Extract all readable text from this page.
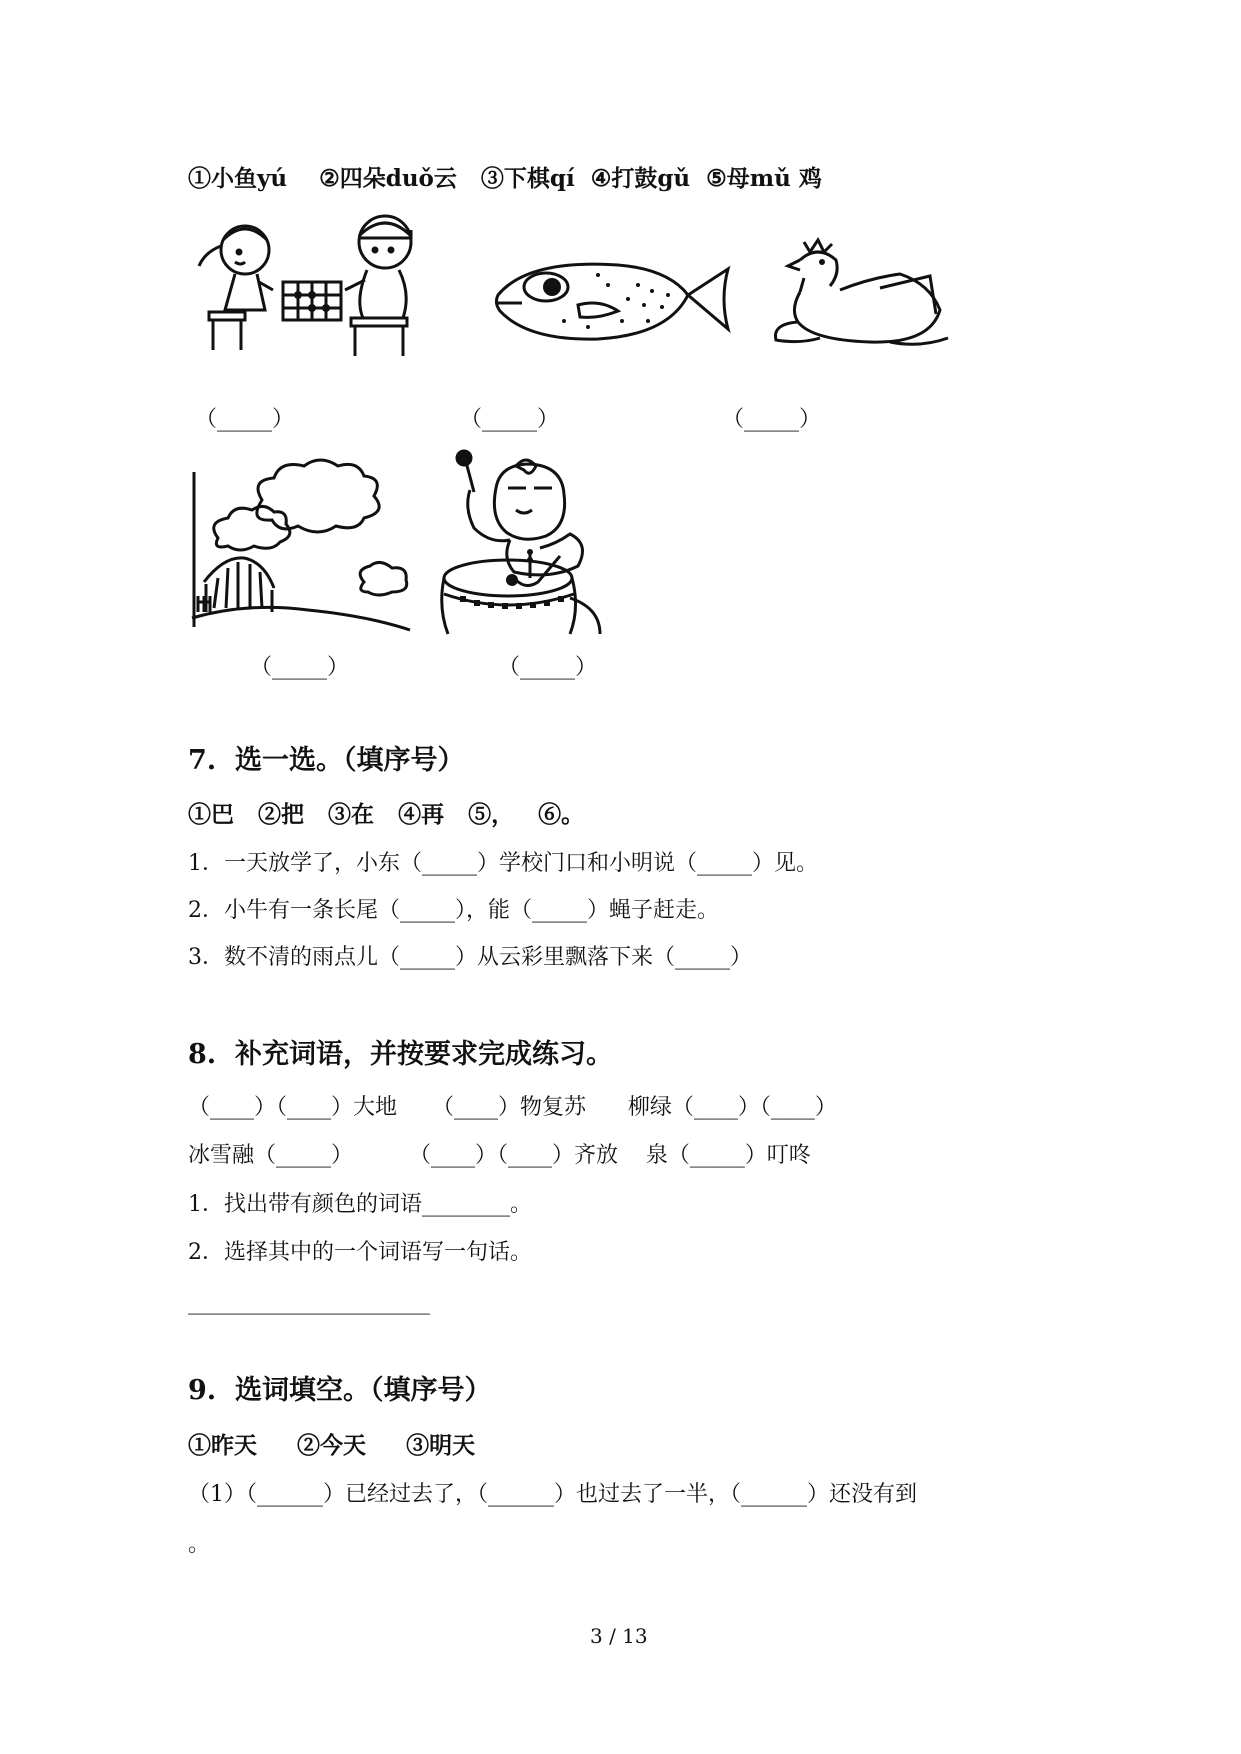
①小鱼yú    ②四朵duǒ云   ③下棋qí  ④打鼓gǔ  ⑤母mǔ 鸡
（_____）	（_____）	（_____）
（_____）	（_____）
7.  选一选。（填序号）
①巴   ②把   ③在   ④再   ⑤，   ⑥。
1．一天放学了，小东（_____）学校门口和小明说（_____）见。
2．小牛有一条长尾（_____），能（_____）蝇子赶走。
3．数不清的雨点儿（_____）从云彩里飘落下来（_____）
8.  补充词语，并按要求完成练习。
（____）（____）大地     （____）物复苏      柳绿（____）（____）
冰雪融（_____）        （____）（____）齐放    泉（_____）叮咚
1．找出带有颜色的词语________。
2．选择其中的一个词语写一句话。
______________________
9.  选词填空。（填序号）
①昨天     ②今天     ③明天
（1）（______）已经过去了，（______）也过去了一半，（______）还没有到
。
3 / 13
